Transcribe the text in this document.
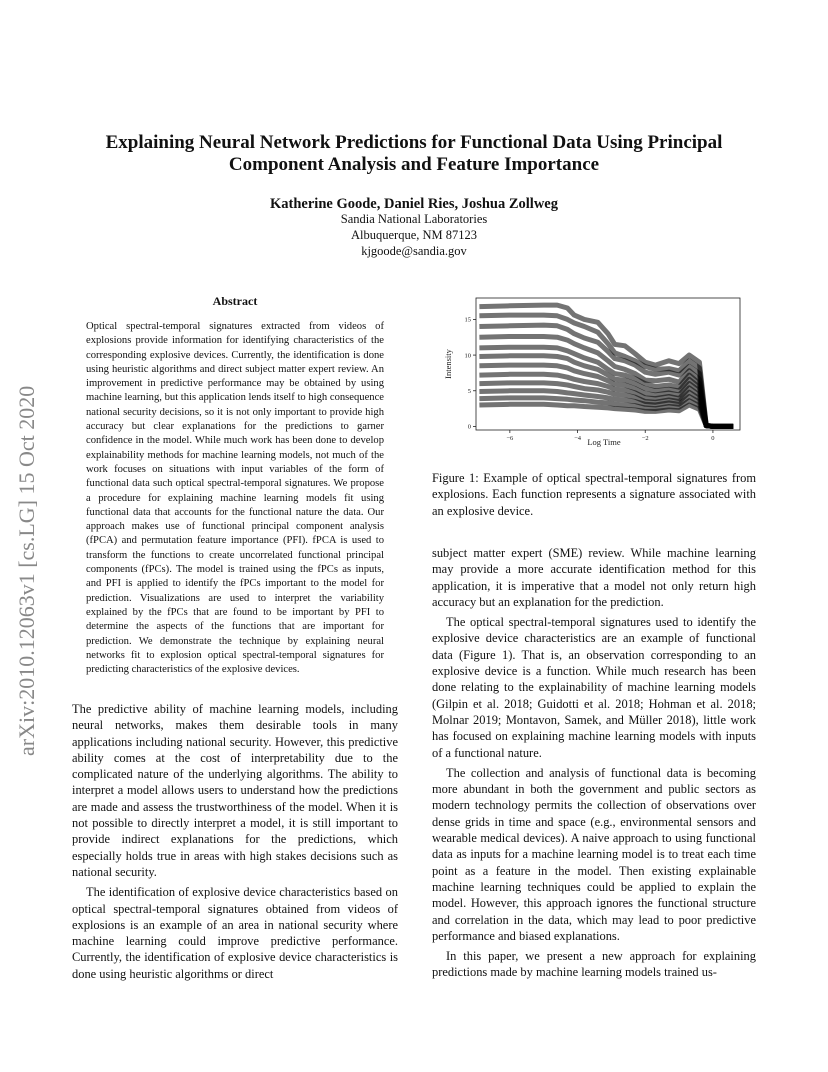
arXiv:2010.12063v1 [cs.LG] 15 Oct 2020
Explaining Neural Network Predictions for Functional Data Using Principal Component Analysis and Feature Importance
Katherine Goode, Daniel Ries, Joshua Zollweg
Sandia National Laboratories
Albuquerque, NM 87123
kjgoode@sandia.gov
Abstract
Optical spectral-temporal signatures extracted from videos of explosions provide information for identifying characteristics of the corresponding explosive devices. Currently, the identification is done using heuristic algorithms and direct subject matter expert review. An improvement in predictive performance may be obtained by using machine learning, but this application lends itself to high consequence national security decisions, so it is not only important to provide high accuracy but clear explanations for the predictions to garner confidence in the model. While much work has been done to develop explainability methods for machine learning models, not much of the work focuses on situations with input variables of the form of functional data such optical spectral-temporal signatures. We propose a procedure for explaining machine learning models fit using functional data that accounts for the functional nature the data. Our approach makes use of functional principal component analysis (fPCA) and permutation feature importance (PFI). fPCA is used to transform the functions to create uncorrelated functional principal components (fPCs). The model is trained using the fPCs as inputs, and PFI is applied to identify the fPCs important to the model for prediction. Visualizations are used to interpret the variability explained by the fPCs that are found to be important by PFI to determine the aspects of the functions that are important for prediction. We demonstrate the technique by explaining neural networks fit to explosion optical spectral-temporal signatures for predicting characteristics of the explosive devices.

The predictive ability of machine learning models, including neural networks, makes them desirable tools in many applications including national security. However, this predictive ability comes at the cost of interpretability due to the complicated nature of the underlying algorithms. The ability to interpret a model allows users to understand how the predictions are made and assess the trustworthiness of the model. When it is not possible to directly interpret a model, it is still important to provide indirect explanations for the predictions, which especially holds true in areas with high stakes decisions such as national security.

The identification of explosive device characteristics based on optical spectral-temporal signatures obtained from videos of explosions is an example of an area in national security where machine learning could improve predictive performance. Currently, the identification of explosive device characteristics is done using heuristic algorithms or direct

−6	−4	−2	0
0
5
10
15
Log Time
Intensity
Figure 1: Example of optical spectral-temporal signatures from explosions. Each function represents a signature associated with an explosive device.

subject matter expert (SME) review. While machine learning may provide a more accurate identification method for this application, it is imperative that a model not only return high accuracy but an explanation for the prediction.

The optical spectral-temporal signatures used to identify the explosive device characteristics are an example of functional data (Figure 1). That is, an observation corresponding to an explosive device is a function. While much research has been done relating to the explainability of machine learning models (Gilpin et al. 2018; Guidotti et al. 2018; Hohman et al. 2018; Molnar 2019; Montavon, Samek, and Müller 2018), little work has focused on explaining machine learning models with inputs of a functional nature.

The collection and analysis of functional data is becoming more abundant in both the government and public sectors as modern technology permits the collection of observations over dense grids in time and space (e.g., environmental sensors and wearable medical devices). A naive approach to using functional data as inputs for a machine learning model is to treat each time point as a feature in the model. Then existing explainable machine learning techniques could be applied to explain the model. However, this approach ignores the functional structure and correlation in the data, which may lead to poor predictive performance and biased explanations.

In this paper, we present a new approach for explaining predictions made by machine learning models trained us-
